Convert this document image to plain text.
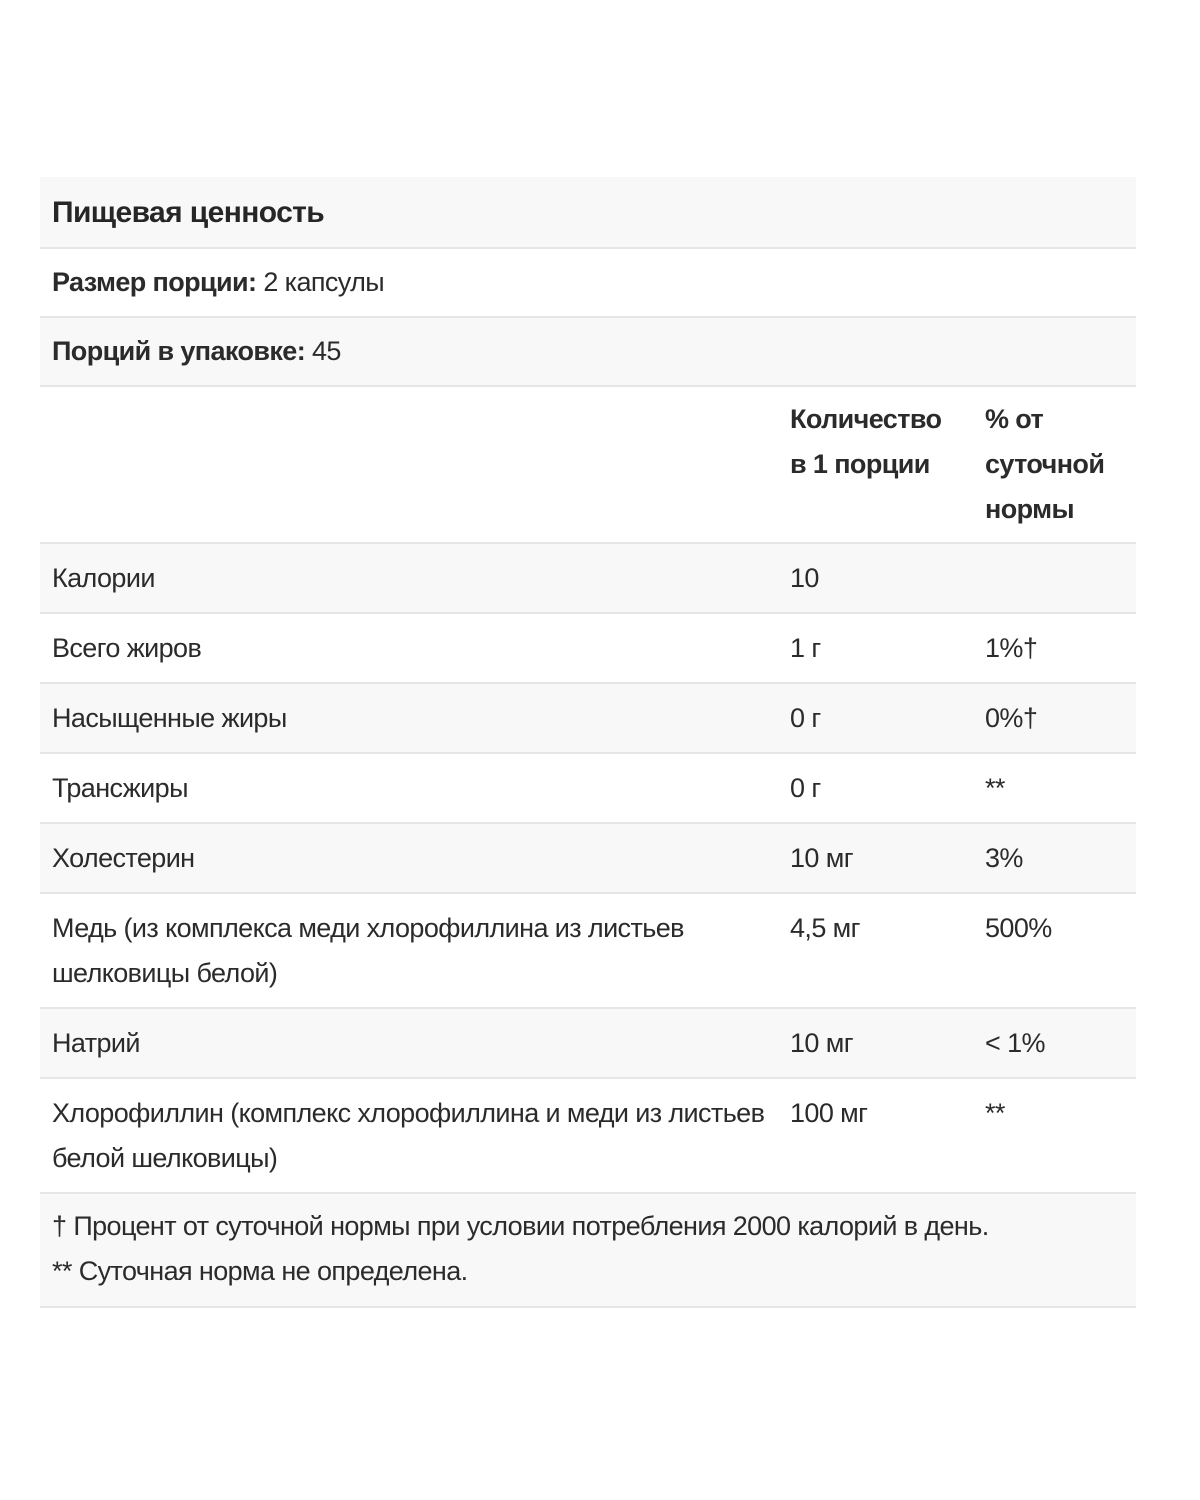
Пищевая ценность		
Размер порции: 2 капсулы		
Порций в упаковке: 45		
	Количество в 1 порции	% от суточной нормы
Калории	10	
Всего жиров	1 г	1%†
Насыщенные жиры	0 г	0%†
Трансжиры	0 г	**
Холестерин	10 мг	3%
Медь (из комплекса меди хлорофиллина из листьев шелковицы белой)	4,5 мг	500%
Натрий	10 мг	< 1%
Хлорофиллин (комплекс хлорофиллина и меди из листьев белой шелковицы)	100 мг	**

† Процент от суточной нормы при условии потребления 2000 калорий в день.
** Суточная норма не определена.		
